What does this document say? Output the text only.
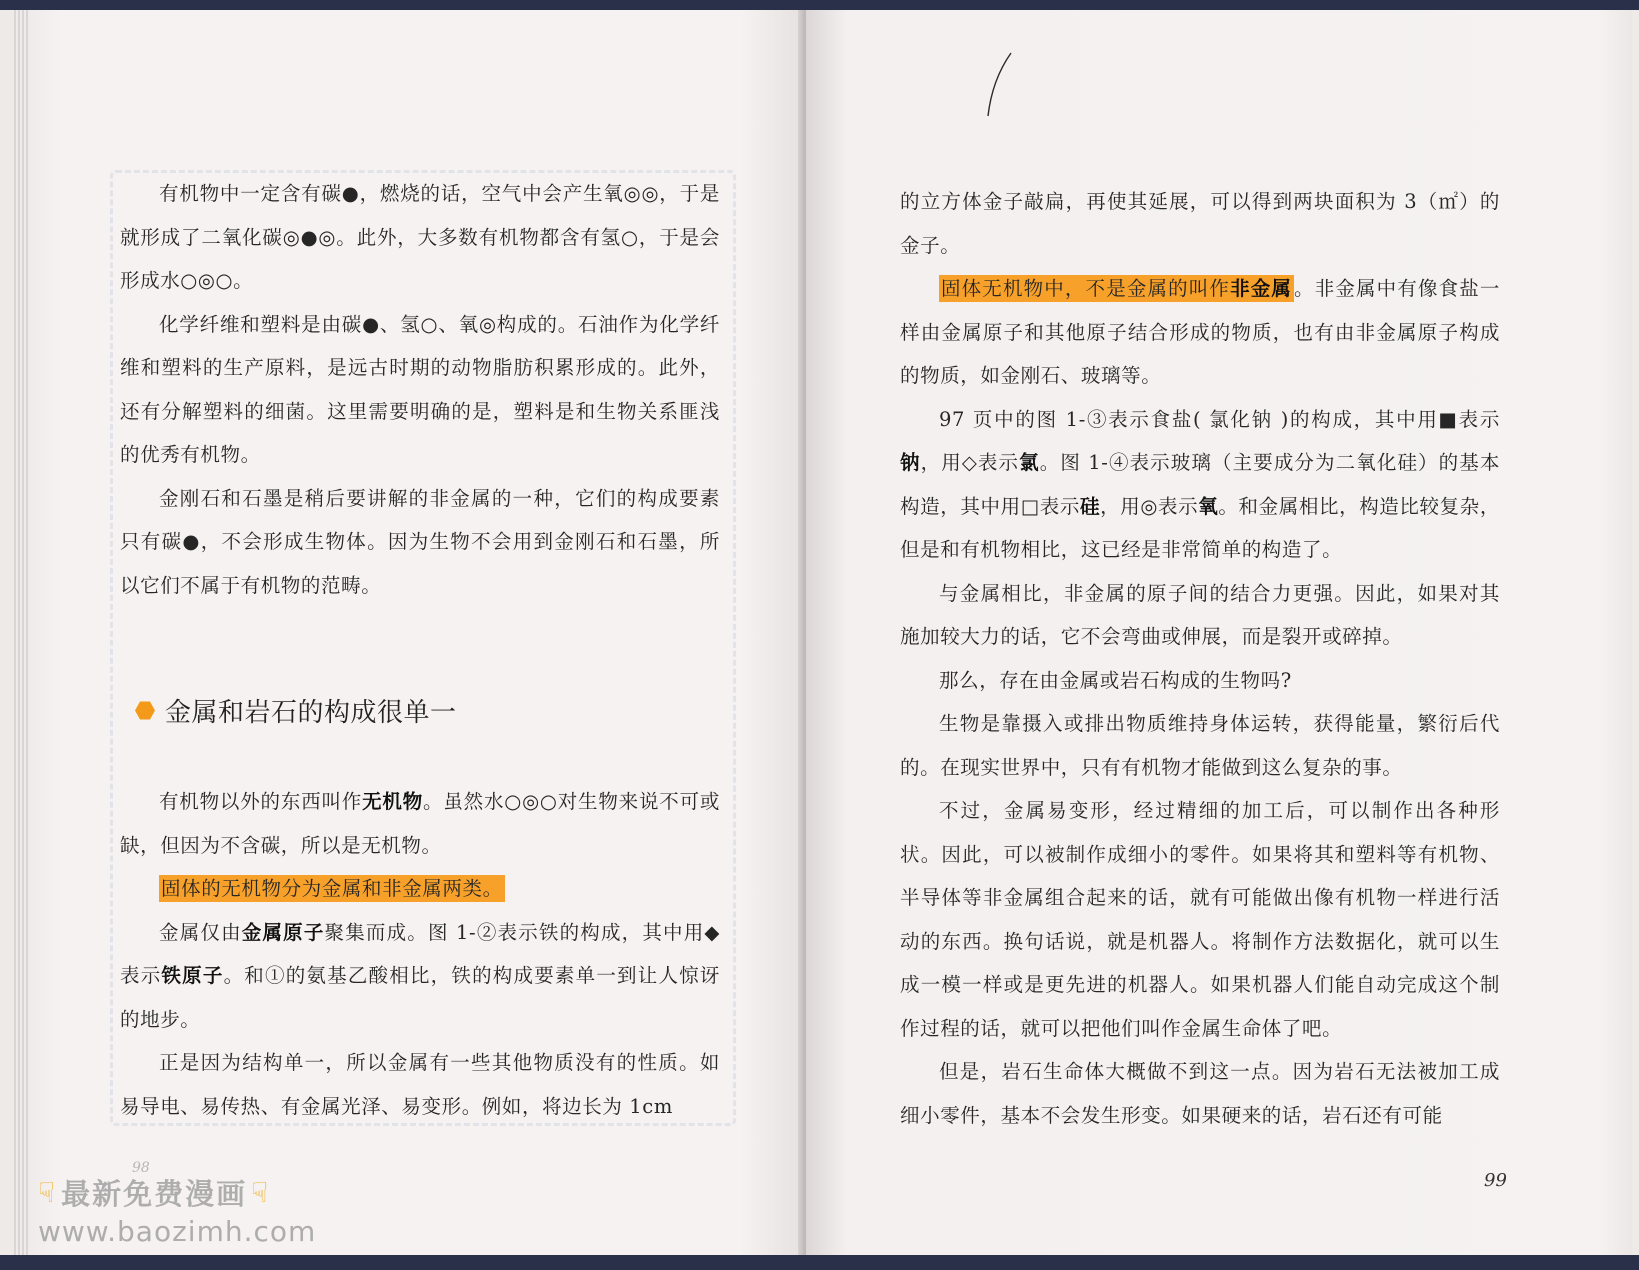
有机物中一定含有碳●，燃烧的话，空气中会产生氧◎◎，于是就形成了二氧化碳◎●◎。此外，大多数有机物都含有氢○，于是会形成水○◎○。

化学纤维和塑料是由碳●、氢○、氧◎构成的。石油作为化学纤维和塑料的生产原料，是远古时期的动物脂肪积累形成的。此外，还有分解塑料的细菌。这里需要明确的是，塑料是和生物关系匪浅的优秀有机物。

金刚石和石墨是稍后要讲解的非金属的一种，它们的构成要素只有碳●，不会形成生物体。因为生物不会用到金刚石和石墨，所以它们不属于有机物的范畴。

金属和岩石的构成很单一

有机物以外的东西叫作无机物。虽然水○◎○对生物来说不可或缺，但因为不含碳，所以是无机物。

固体的无机物分为金属和非金属两类。

金属仅由金属原子聚集而成。图 1-②表示铁的构成，其中用◆表示铁原子。和①的氨基乙酸相比，铁的构成要素单一到让人惊讶的地步。

正是因为结构单一，所以金属有一些其他物质没有的性质。如易导电、易传热、有金属光泽、易变形。例如，将边长为 1cm

98

的立方体金子敲扁，再使其延展，可以得到两块面积为 3（㎡）的金子。

固体无机物中，不是金属的叫作非金属 。非金属中有像食盐一样由金属原子和其他原子结合形成的物质，也有由非金属原子构成的物质，如金刚石、玻璃等。

97 页中的图 1-③表示食盐( 氯化钠 )的构成，其中用■表示钠，用◇表示氯。图 1-④表示玻璃（主要成分为二氧化硅）的基本构造，其中用□表示硅，用◎表示氧。和金属相比，构造比较复杂，但是和有机物相比，这已经是非常简单的构造了。

与金属相比，非金属的原子间的结合力更强。因此，如果对其施加较大力的话，它不会弯曲或伸展，而是裂开或碎掉。

那么，存在由金属或岩石构成的生物吗?

生物是靠摄入或排出物质维持身体运转，获得能量，繁衍后代的。在现实世界中，只有有机物才能做到这么复杂的事。

不过，金属易变形，经过精细的加工后，可以制作出各种形状。因此，可以被制作成细小的零件。如果将其和塑料等有机物、半导体等非金属组合起来的话，就有可能做出像有机物一样进行活动的东西。换句话说，就是机器人。将制作方法数据化，就可以生成一模一样或是更先进的机器人。如果机器人们能自动完成这个制作过程的话，就可以把他们叫作金属生命体了吧。

但是，岩石生命体大概做不到这一点。因为岩石无法被加工成细小零件，基本不会发生形变。如果硬来的话，岩石还有可能

99
☟ 最新免费漫画 ☟
www.baozimh.com
